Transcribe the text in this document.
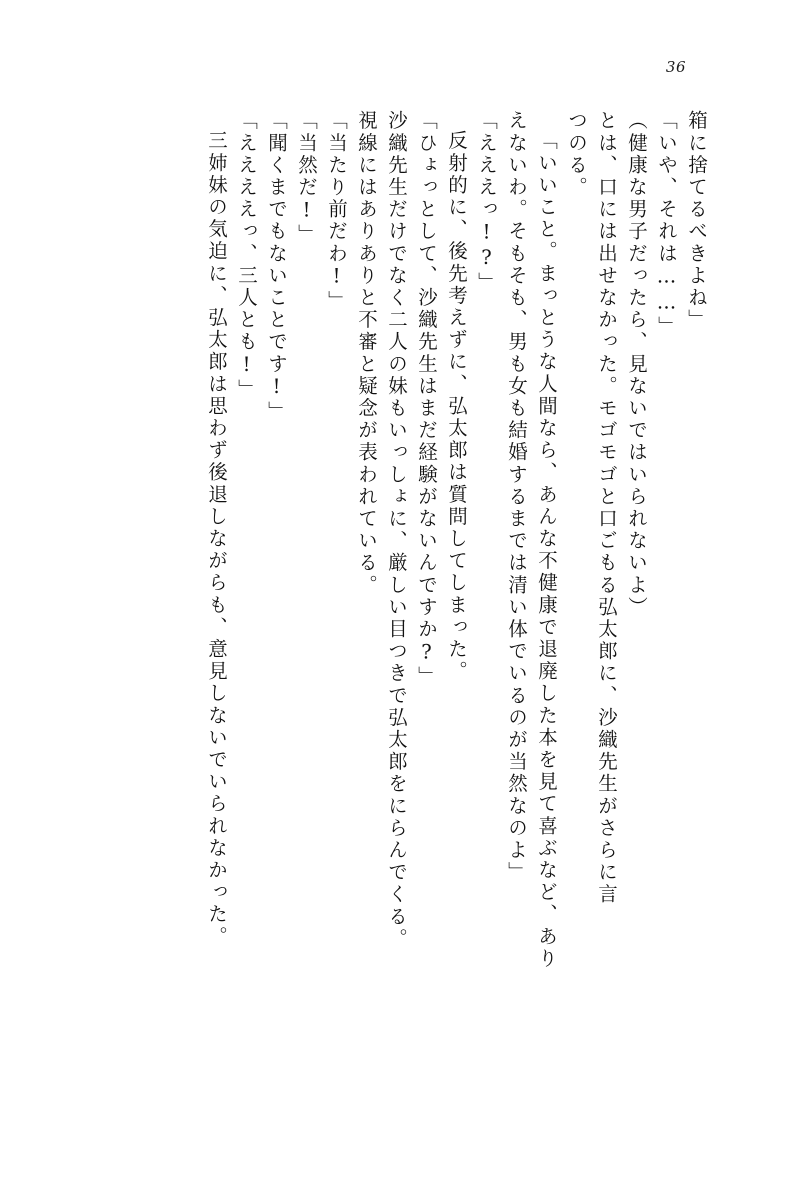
36
箱に捨てるべきよね」
「いや、それは……」
（健康な男子だったら、見ないではいられないよ）
とは、口には出せなかった。モゴモゴと口ごもる弘太郎に、沙織先生がさらに言
つのる。
「いいこと。まっとうな人間なら、あんな不健康で退廃した本を見て喜ぶなど、あり
えないわ。そもそも、男も女も結婚するまでは清い体でいるのが当然なのよ」
「えええっ!?」
反射的に、後先考えずに、弘太郎は質問してしまった。
「ひょっとして、沙織先生はまだ経験がないんですか?」
沙織先生だけでなく二人の妹もいっしょに、厳しい目つきで弘太郎をにらんでくる。
視線にはありありと不審と疑念が表われている。
「当たり前だわ!」
「当然だ!」
「聞くまでもないことです!」
「ええええっ、三人とも!」
三姉妹の気迫に、弘太郎は思わず後退しながらも、意見しないでいられなかった。
